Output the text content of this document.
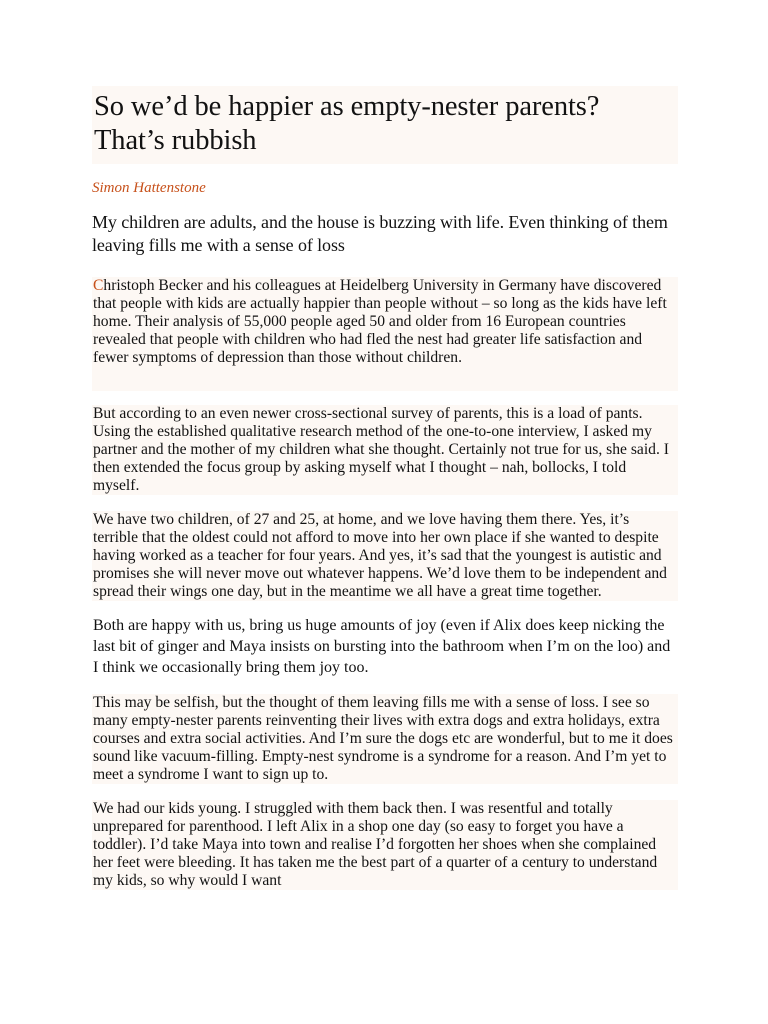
So we’d be happier as empty-nester parents? That’s rubbish
Simon Hattenstone
My children are adults, and the house is buzzing with life. Even thinking of them leaving fills me with a sense of loss

Christoph Becker and his colleagues at Heidelberg University in Germany have discovered that people with kids are actually happier than people without – so long as the kids have left home. Their analysis of 55,000 people aged 50 and older from 16 European countries revealed that people with children who had fled the nest had greater life satisfaction and fewer symptoms of depression than those without children.

But according to an even newer cross-sectional survey of parents, this is a load of pants. Using the established qualitative research method of the one-to-one interview, I asked my partner and the mother of my children what she thought. Certainly not true for us, she said. I then extended the focus group by asking myself what I thought – nah, bollocks, I told myself.

We have two children, of 27 and 25, at home, and we love having them there. Yes, it’s terrible that the oldest could not afford to move into her own place if she wanted to despite having worked as a teacher for four years. And yes, it’s sad that the youngest is autistic and promises she will never move out whatever happens. We’d love them to be independent and spread their wings one day, but in the meantime we all have a great time together.

Both are happy with us, bring us huge amounts of joy (even if Alix does keep nicking the last bit of ginger and Maya insists on bursting into the bathroom when I’m on the loo) and I think we occasionally bring them joy too.

This may be selfish, but the thought of them leaving fills me with a sense of loss. I see so many empty-nester parents reinventing their lives with extra dogs and extra holidays, extra courses and extra social activities. And I’m sure the dogs etc are wonderful, but to me it does sound like vacuum-filling. Empty-nest syndrome is a syndrome for a reason. And I’m yet to meet a syndrome I want to sign up to.

We had our kids young. I struggled with them back then. I was resentful and totally unprepared for parenthood. I left Alix in a shop one day (so easy to forget you have a toddler). I’d take Maya into town and realise I’d forgotten her shoes when she complained her feet were bleeding. It has taken me the best part of a quarter of a century to understand my kids, so why would I want
